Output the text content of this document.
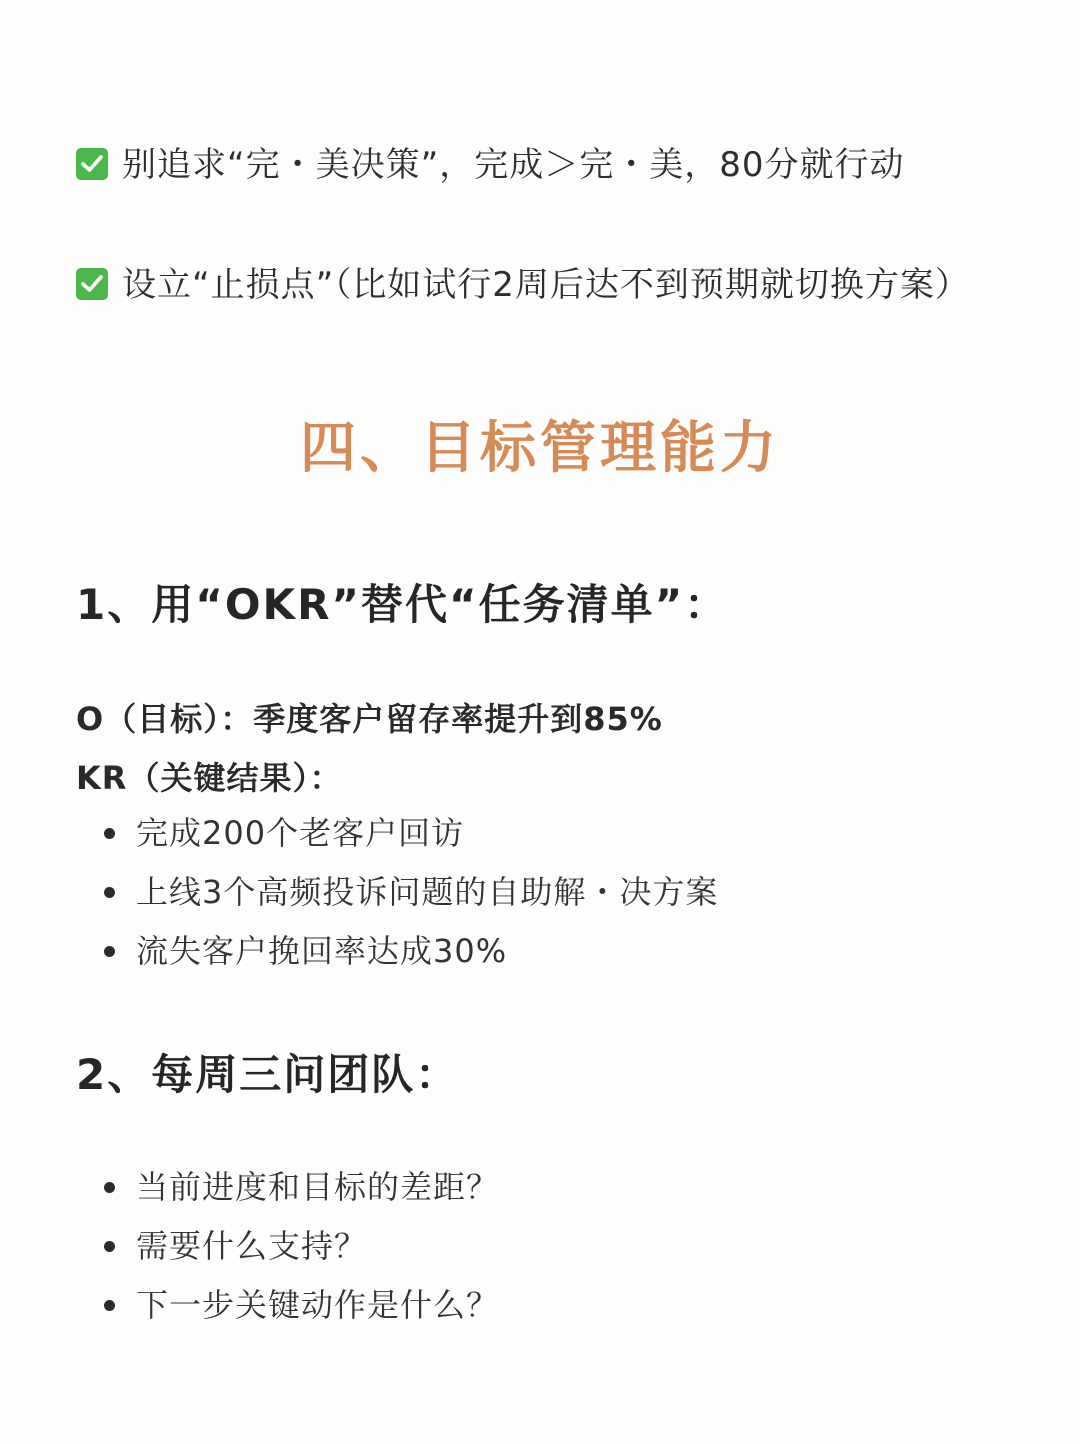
别追求“完・美决策”，完成＞完・美，80分就行动
设立“止损点”（比如试行2周后达不到预期就切换方案）
四、目标管理能力
1、用“OKR”替代“任务清单”：
O（目标）：季度客户留存率提升到85%
KR（关键结果）：
完成200个老客户回访
上线3个高频投诉问题的自助解・决方案
流失客户挽回率达成30%
2、每周三问团队：
当前进度和目标的差距？
需要什么支持？
下一步关键动作是什么？
